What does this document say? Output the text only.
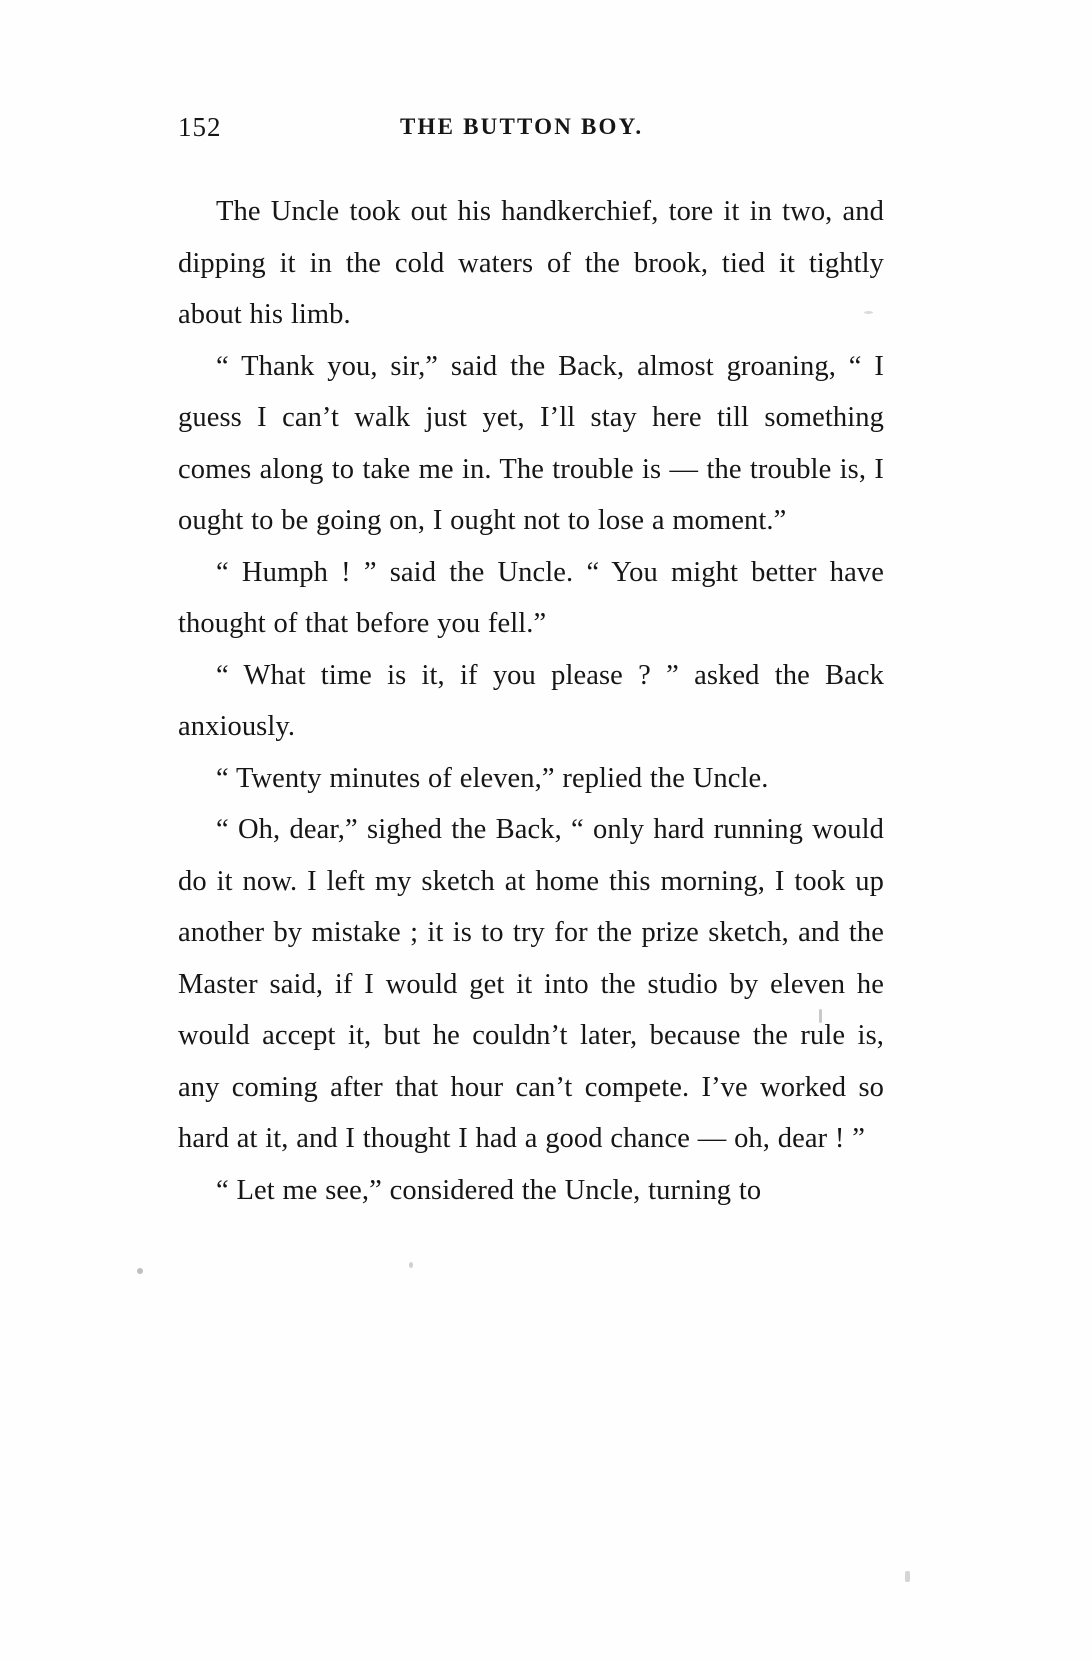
152	THE BUTTON BOY.

The Uncle took out his handkerchief, tore it in two, and dipping it in the cold waters of the brook, tied it tightly about his limb.

“ Thank you, sir,” said the Back, almost groaning, “ I guess I can’t walk just yet, I’ll stay here till something comes along to take me in. The trouble is — the trouble is, I ought to be going on, I ought not to lose a moment.”

“ Humph ! ” said the Uncle. “ You might better have thought of that before you fell.”

“ What time is it, if you please ? ” asked the Back anxiously.

“ Twenty minutes of eleven,” replied the Uncle.

“ Oh, dear,” sighed the Back, “ only hard running would do it now. I left my sketch at home this morning, I took up another by mistake ; it is to try for the prize sketch, and the Master said, if I would get it into the studio by eleven he would accept it, but he couldn’t later, because the rule is, any coming after that hour can’t compete. I’ve worked so hard at it, and I thought I had a good chance — oh, dear ! ”

“ Let me see,” considered the Uncle, turning to
